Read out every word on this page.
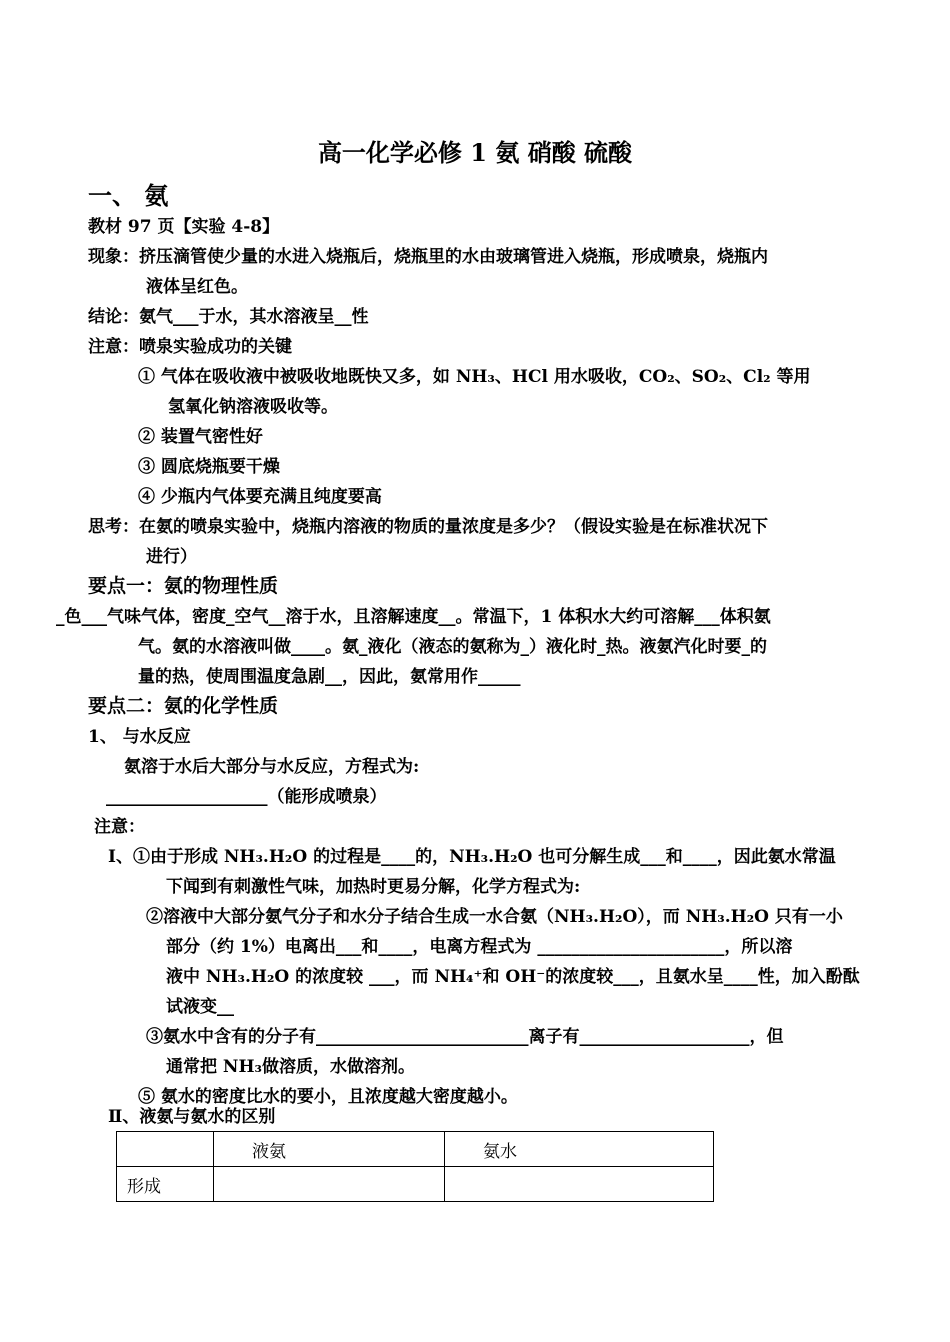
高一化学必修 1 氨 硝酸 硫酸
一、 氨
教材 97 页【实验 4-8】
现象：挤压滴管使少量的水进入烧瓶后，烧瓶里的水由玻璃管进入烧瓶，形成喷泉，烧瓶内
液体呈红色。
结论：氨气___于水，其水溶液呈__性
注意：喷泉实验成功的关键
① 气体在吸收液中被吸收地既快又多，如 NH₃、HCl 用水吸收，CO₂、SO₂、Cl₂ 等用
氢氧化钠溶液吸收等。
② 装置气密性好
③ 圆底烧瓶要干燥
④ 少瓶内气体要充满且纯度要高
思考：在氨的喷泉实验中，烧瓶内溶液的物质的量浓度是多少？（假设实验是在标准状况下
进行）
要点一：氨的物理性质
_色___气味气体，密度_空气__溶于水，且溶解速度__。常温下，1 体积水大约可溶解___体积氨
气。氨的水溶液叫做____。氨_液化（液态的氨称为_）液化时_热。液氨汽化时要_的
量的热，使周围温度急剧__，因此，氨常用作_____
要点二：氨的化学性质
1、 与水反应
氨溶于水后大部分与水反应，方程式为:
___________________（能形成喷泉）
注意：
Ⅰ、①由于形成 NH₃.H₂O 的过程是____的，NH₃.H₂O 也可分解生成___和____，因此氨水常温
下闻到有刺激性气味，加热时更易分解，化学方程式为:
②溶液中大部分氨气分子和水分子结合生成一水合氨（NH₃.H₂O），而 NH₃.H₂O 只有一小
部分（约 1%）电离出___和____，电离方程式为 ______________________，所以溶
液中 NH₃.H₂O 的浓度较 ___，而 NH₄⁺和 OH⁻的浓度较___，且氨水呈____性，加入酚酞
试液变__
③氨水中含有的分子有_________________________离子有____________________，但
通常把 NH₃做溶质，水做溶剂。
⑤ 氨水的密度比水的要小，且浓度越大密度越小。
Ⅱ、液氨与氨水的区别
	液氨	氨水
形成		
